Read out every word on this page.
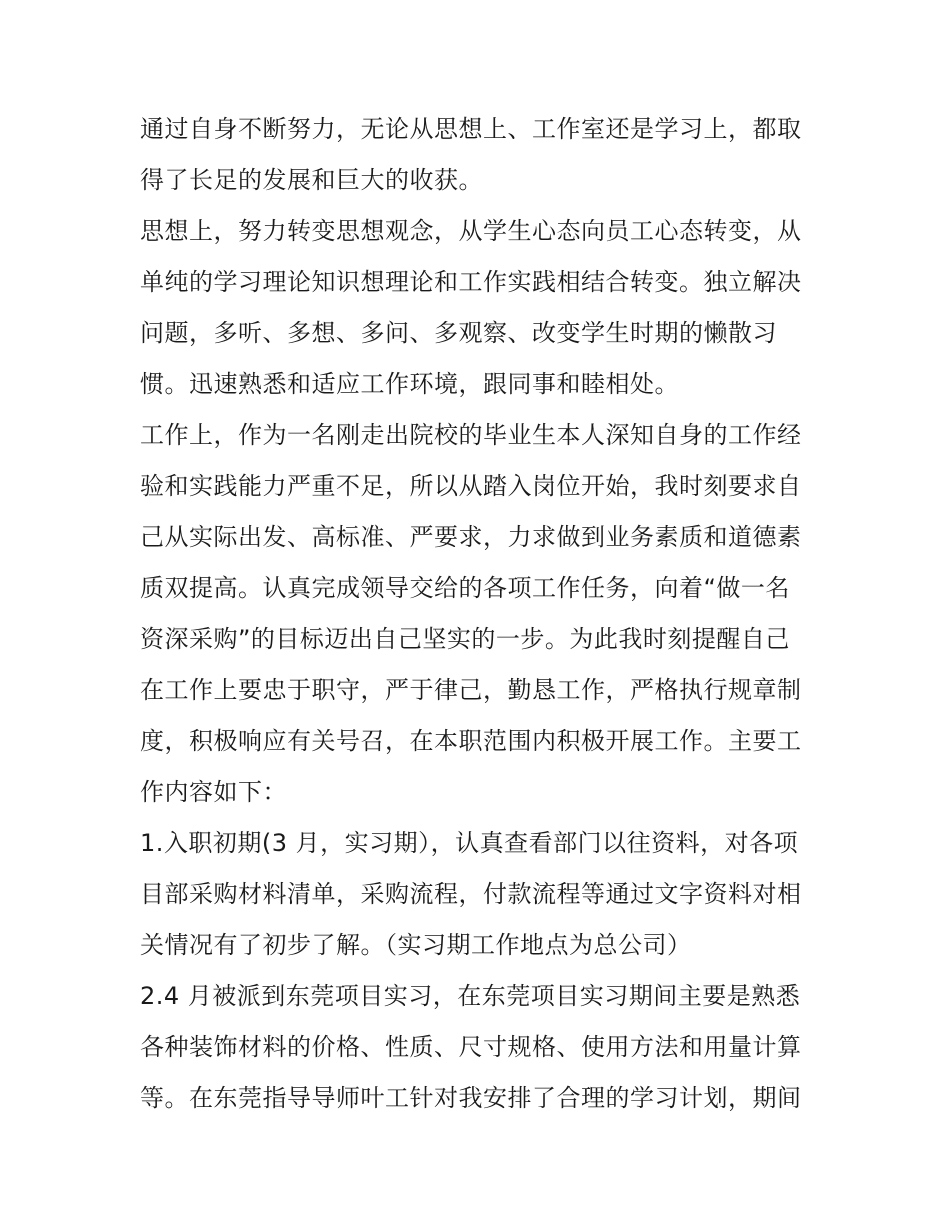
通过自身不断努力，无论从思想上、工作室还是学习上，都取
得了长足的发展和巨大的收获。
思想上，努力转变思想观念，从学生心态向员工心态转变，从
单纯的学习理论知识想理论和工作实践相结合转变。独立解决
问题，多听、多想、多问、多观察、改变学生时期的懒散习
惯。迅速熟悉和适应工作环境，跟同事和睦相处。
工作上，作为一名刚走出院校的毕业生本人深知自身的工作经
验和实践能力严重不足，所以从踏入岗位开始，我时刻要求自
己从实际出发、高标准、严要求，力求做到业务素质和道德素
质双提高。认真完成领导交给的各项工作任务，向着“做一名
资深采购”的目标迈出自己坚实的一步。为此我时刻提醒自己
在工作上要忠于职守，严于律己，勤恳工作，严格执行规章制
度，积极响应有关号召，在本职范围内积极开展工作。主要工
作内容如下：
1.入职初期(3 月，实习期），认真查看部门以往资料，对各项
目部采购材料清单，采购流程，付款流程等通过文字资料对相
关情况有了初步了解。（实习期工作地点为总公司）
2.4 月被派到东莞项目实习，在东莞项目实习期间主要是熟悉
各种装饰材料的价格、性质、尺寸规格、使用方法和用量计算
等。在东莞指导导师叶工针对我安排了合理的学习计划，期间
